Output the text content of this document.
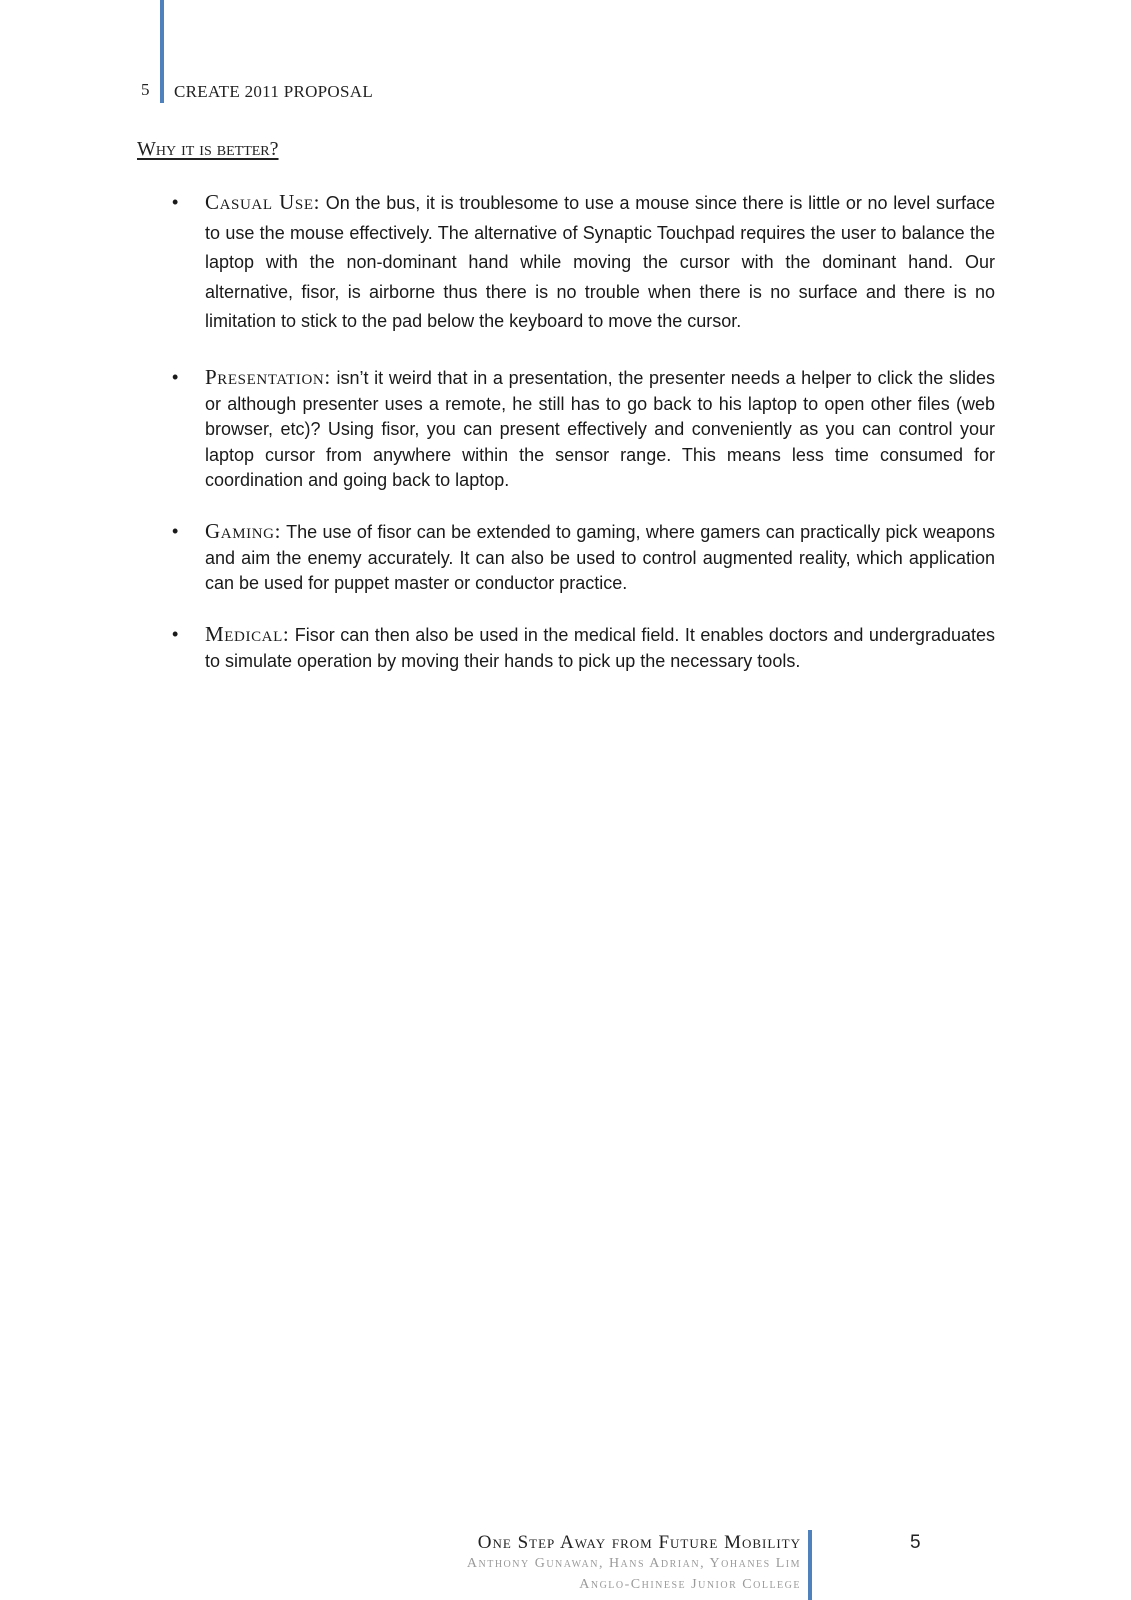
5 CREATE 2011 PROPOSAL
Why it is better?
• Casual Use: On the bus, it is troublesome to use a mouse since there is little or no level surface to use the mouse effectively. The alternative of Synaptic Touchpad requires the user to balance the laptop with the non-dominant hand while moving the cursor with the dominant hand. Our alternative, fisor, is airborne thus there is no trouble when there is no surface and there is no limitation to stick to the pad below the keyboard to move the cursor.
• Presentation: isn’t it weird that in a presentation, the presenter needs a helper to click the slides or although presenter uses a remote, he still has to go back to his laptop to open other files (web browser, etc)? Using fisor, you can present effectively and conveniently as you can control your laptop cursor from anywhere within the sensor range. This means less time consumed for coordination and going back to laptop.
• Gaming: The use of fisor can be extended to gaming, where gamers can practically pick weapons and aim the enemy accurately. It can also be used to control augmented reality, which application can be used for puppet master or conductor practice.
• Medical: Fisor can then also be used in the medical field. It enables doctors and undergraduates to simulate operation by moving their hands to pick up the necessary tools.
One Step Away from Future Mobility
Anthony Gunawan, Hans Adrian, Yohanes Lim
Anglo-Chinese Junior College
5
